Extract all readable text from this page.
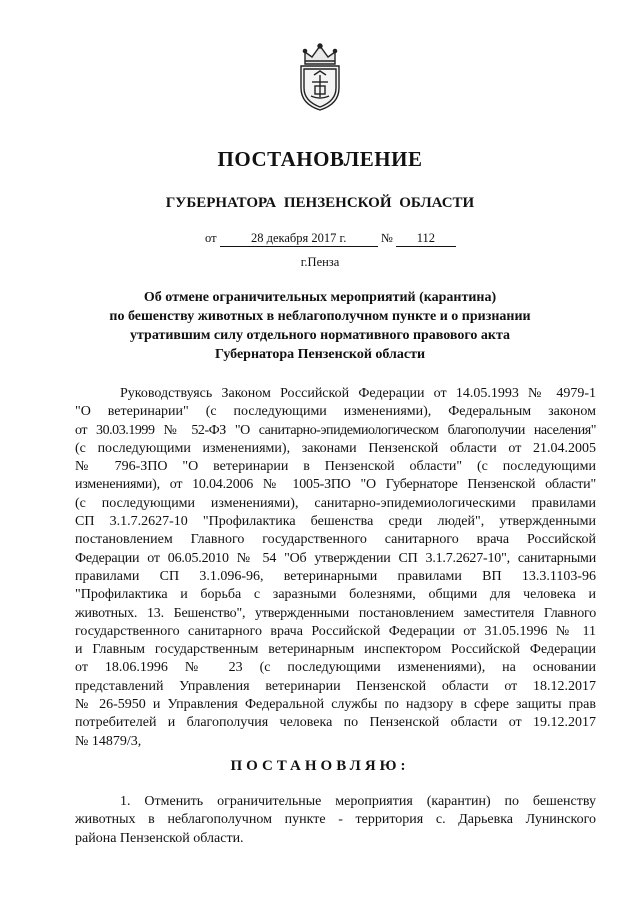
ПОСТАНОВЛЕНИЕ
ГУБЕРНАТОРА ПЕНЗЕНСКОЙ ОБЛАСТИ
от	28 декабря 2017 г.	№ 112
г.Пенза
Об отмене ограничительных мероприятий (карантина)
по бешенству животных в неблагополучном пункте и о признании
утратившим силу отдельного нормативного правового акта
Губернатора Пензенской области
Руководствуясь Законом Российской Федерации от 14.05.1993 № 4979-1
"О ветеринарии" (с последующими изменениями), Федеральным законом
от 30.03.1999 № 52-ФЗ "О санитарно-эпидемиологическом благополучии населения"
(с последующими изменениями), законами Пензенской области от 21.04.2005
№ 796-ЗПО "О ветеринарии в Пензенской области" (с последующими
изменениями), от 10.04.2006 № 1005-ЗПО "О Губернаторе Пензенской области"
(с последующими изменениями), санитарно-эпидемиологическими правилами
СП 3.1.7.2627-10 "Профилактика бешенства среди людей", утвержденными
постановлением Главного государственного санитарного врача Российской
Федерации от 06.05.2010 № 54 "Об утверждении СП 3.1.7.2627-10", санитарными
правилами СП 3.1.096-96, ветеринарными правилами ВП 13.3.1103-96
"Профилактика и борьба с заразными болезнями, общими для человека и
животных. 13. Бешенство", утвержденными постановлением заместителя Главного
государственного санитарного врача Российской Федерации от 31.05.1996 № 11
и Главным государственным ветеринарным инспектором Российской Федерации
от 18.06.1996 № 23 (с последующими изменениями), на основании
представлений Управления ветеринарии Пензенской области от 18.12.2017
№ 26-5950 и Управления Федеральной службы по надзору в сфере защиты прав
потребителей и благополучия человека по Пензенской области от 19.12.2017
№ 14879/3,
ПОСТАНОВЛЯЮ:
1. Отменить ограничительные мероприятия (карантин) по бешенству
животных в неблагополучном пункте - территория с. Дарьевка Лунинского
района Пензенской области.
